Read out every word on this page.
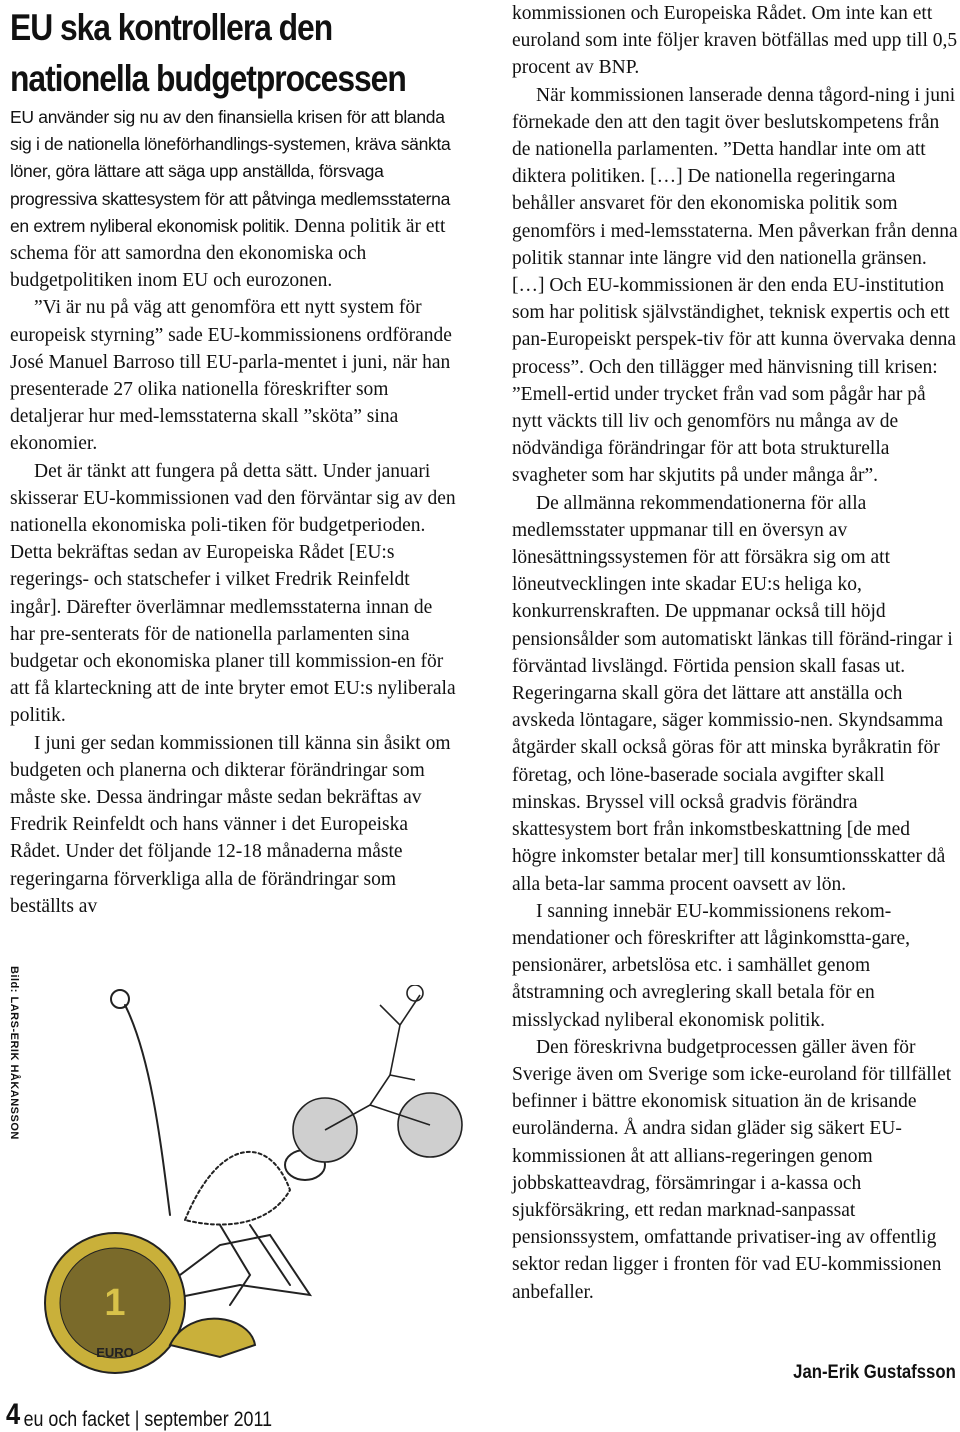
EU ska kontrollera den
nationella budgetprocessen

EU använder sig nu av den finansiella krisen för att blanda sig i de nationella löneförhandlings-systemen, kräva sänkta löner, göra lättare att säga upp anställda, försvaga progressiva skattesystem för att påtvinga medlemsstaterna en extrem nyliberal ekonomisk politik. Denna politik är ett schema för att samordna den ekonomiska och budgetpolitiken inom EU och eurozonen.

”Vi är nu på väg att genomföra ett nytt system för europeisk styrning” sade EU-kommissionens ordförande José Manuel Barroso till EU-parla-mentet i juni, när han presenterade 27 olika nationella föreskrifter som detaljerar hur med-lemsstaterna skall ”sköta” sina ekonomier.

Det är tänkt att fungera på detta sätt. Under januari skisserar EU-kommissionen vad den förväntar sig av den nationella ekonomiska poli-tiken för budgetperioden. Detta bekräftas sedan av Europeiska Rådet [EU:s regerings- och statschefer i vilket Fredrik Reinfeldt ingår]. Därefter överlämnar medlemsstaterna innan de har pre-senterats för de nationella parlamenten sina budgetar och ekonomiska planer till kommission-en för att få klarteckning att de inte bryter emot EU:s nyliberala politik.

I juni ger sedan kommissionen till känna sin åsikt om budgeten och planerna och dikterar förändringar som måste ske. Dessa ändringar måste sedan bekräftas av Fredrik Reinfeldt och hans vänner i det Europeiska Rådet. Under det följande 12-18 månaderna måste regeringarna förverkliga alla de förändringar som beställts av

kommissionen och Europeiska Rådet. Om inte kan ett euroland som inte följer kraven bötfällas med upp till 0,5 procent av BNP.

När kommissionen lanserade denna tågord-ning i juni förnekade den att den tagit över beslutskompetens från de nationella parlamenten. ”Detta handlar inte om att diktera politiken. […] De nationella regeringarna behåller ansvaret för den ekonomiska politik som genomförs i med-lemsstaterna. Men påverkan från denna politik stannar inte längre vid den nationella gränsen. […] Och EU-kommissionen är den enda EU-institution som har politisk självständighet, teknisk expertis och ett pan-Europeiskt perspek-tiv för att kunna övervaka denna process”. Och den tillägger med hänvisning till krisen: ”Emell-ertid under trycket från vad som pågår har på nytt väckts till liv och genomförs nu många av de nödvändiga förändringar för att bota strukturella svagheter som har skjutits på under många år”.

De allmänna rekommendationerna för alla medlemsstater uppmanar till en översyn av lönesättningssystemen för att försäkra sig om att löneutvecklingen inte skadar EU:s heliga ko, konkurrenskraften. De uppmanar också till höjd pensionsålder som automatiskt länkas till föränd-ringar i förväntad livslängd. Förtida pension skall fasas ut. Regeringarna skall göra det lättare att anställa och avskeda löntagare, säger kommissio-nen. Skyndsamma åtgärder skall också göras för att minska byråkratin för företag, och löne-baserade sociala avgifter skall minskas. Bryssel vill också gradvis förändra skattesystem bort från inkomstbeskattning [de med högre inkomster betalar mer] till konsumtionsskatter då alla beta-lar samma procent oavsett av lön.

I sanning innebär EU-kommissionens rekom-mendationer och föreskrifter att låginkomstta-gare, pensionärer, arbetslösa etc. i samhället genom åtstramning och avreglering skall betala för en misslyckad nyliberal ekonomisk politik.

Den föreskrivna budgetprocessen gäller även för Sverige även om Sverige som icke-euroland för tillfället befinner i bättre ekonomisk situation än de krisande euroländerna. Å andra sidan gläder sig säkert EU-kommissionen åt att allians-regeringen genom jobbskatteavdrag, försämringar i a-kassa och sjukförsäkring, ett redan marknad-sanpassat pensionssystem, omfattande privatiser-ing av offentlig sektor redan ligger i fronten för vad EU-kommissionen anbefaller.

Jan-Erik Gustafsson
Bild: LARS-ERIK HÅKANSSON
1
EURO
4 eu och facket | september 2011
